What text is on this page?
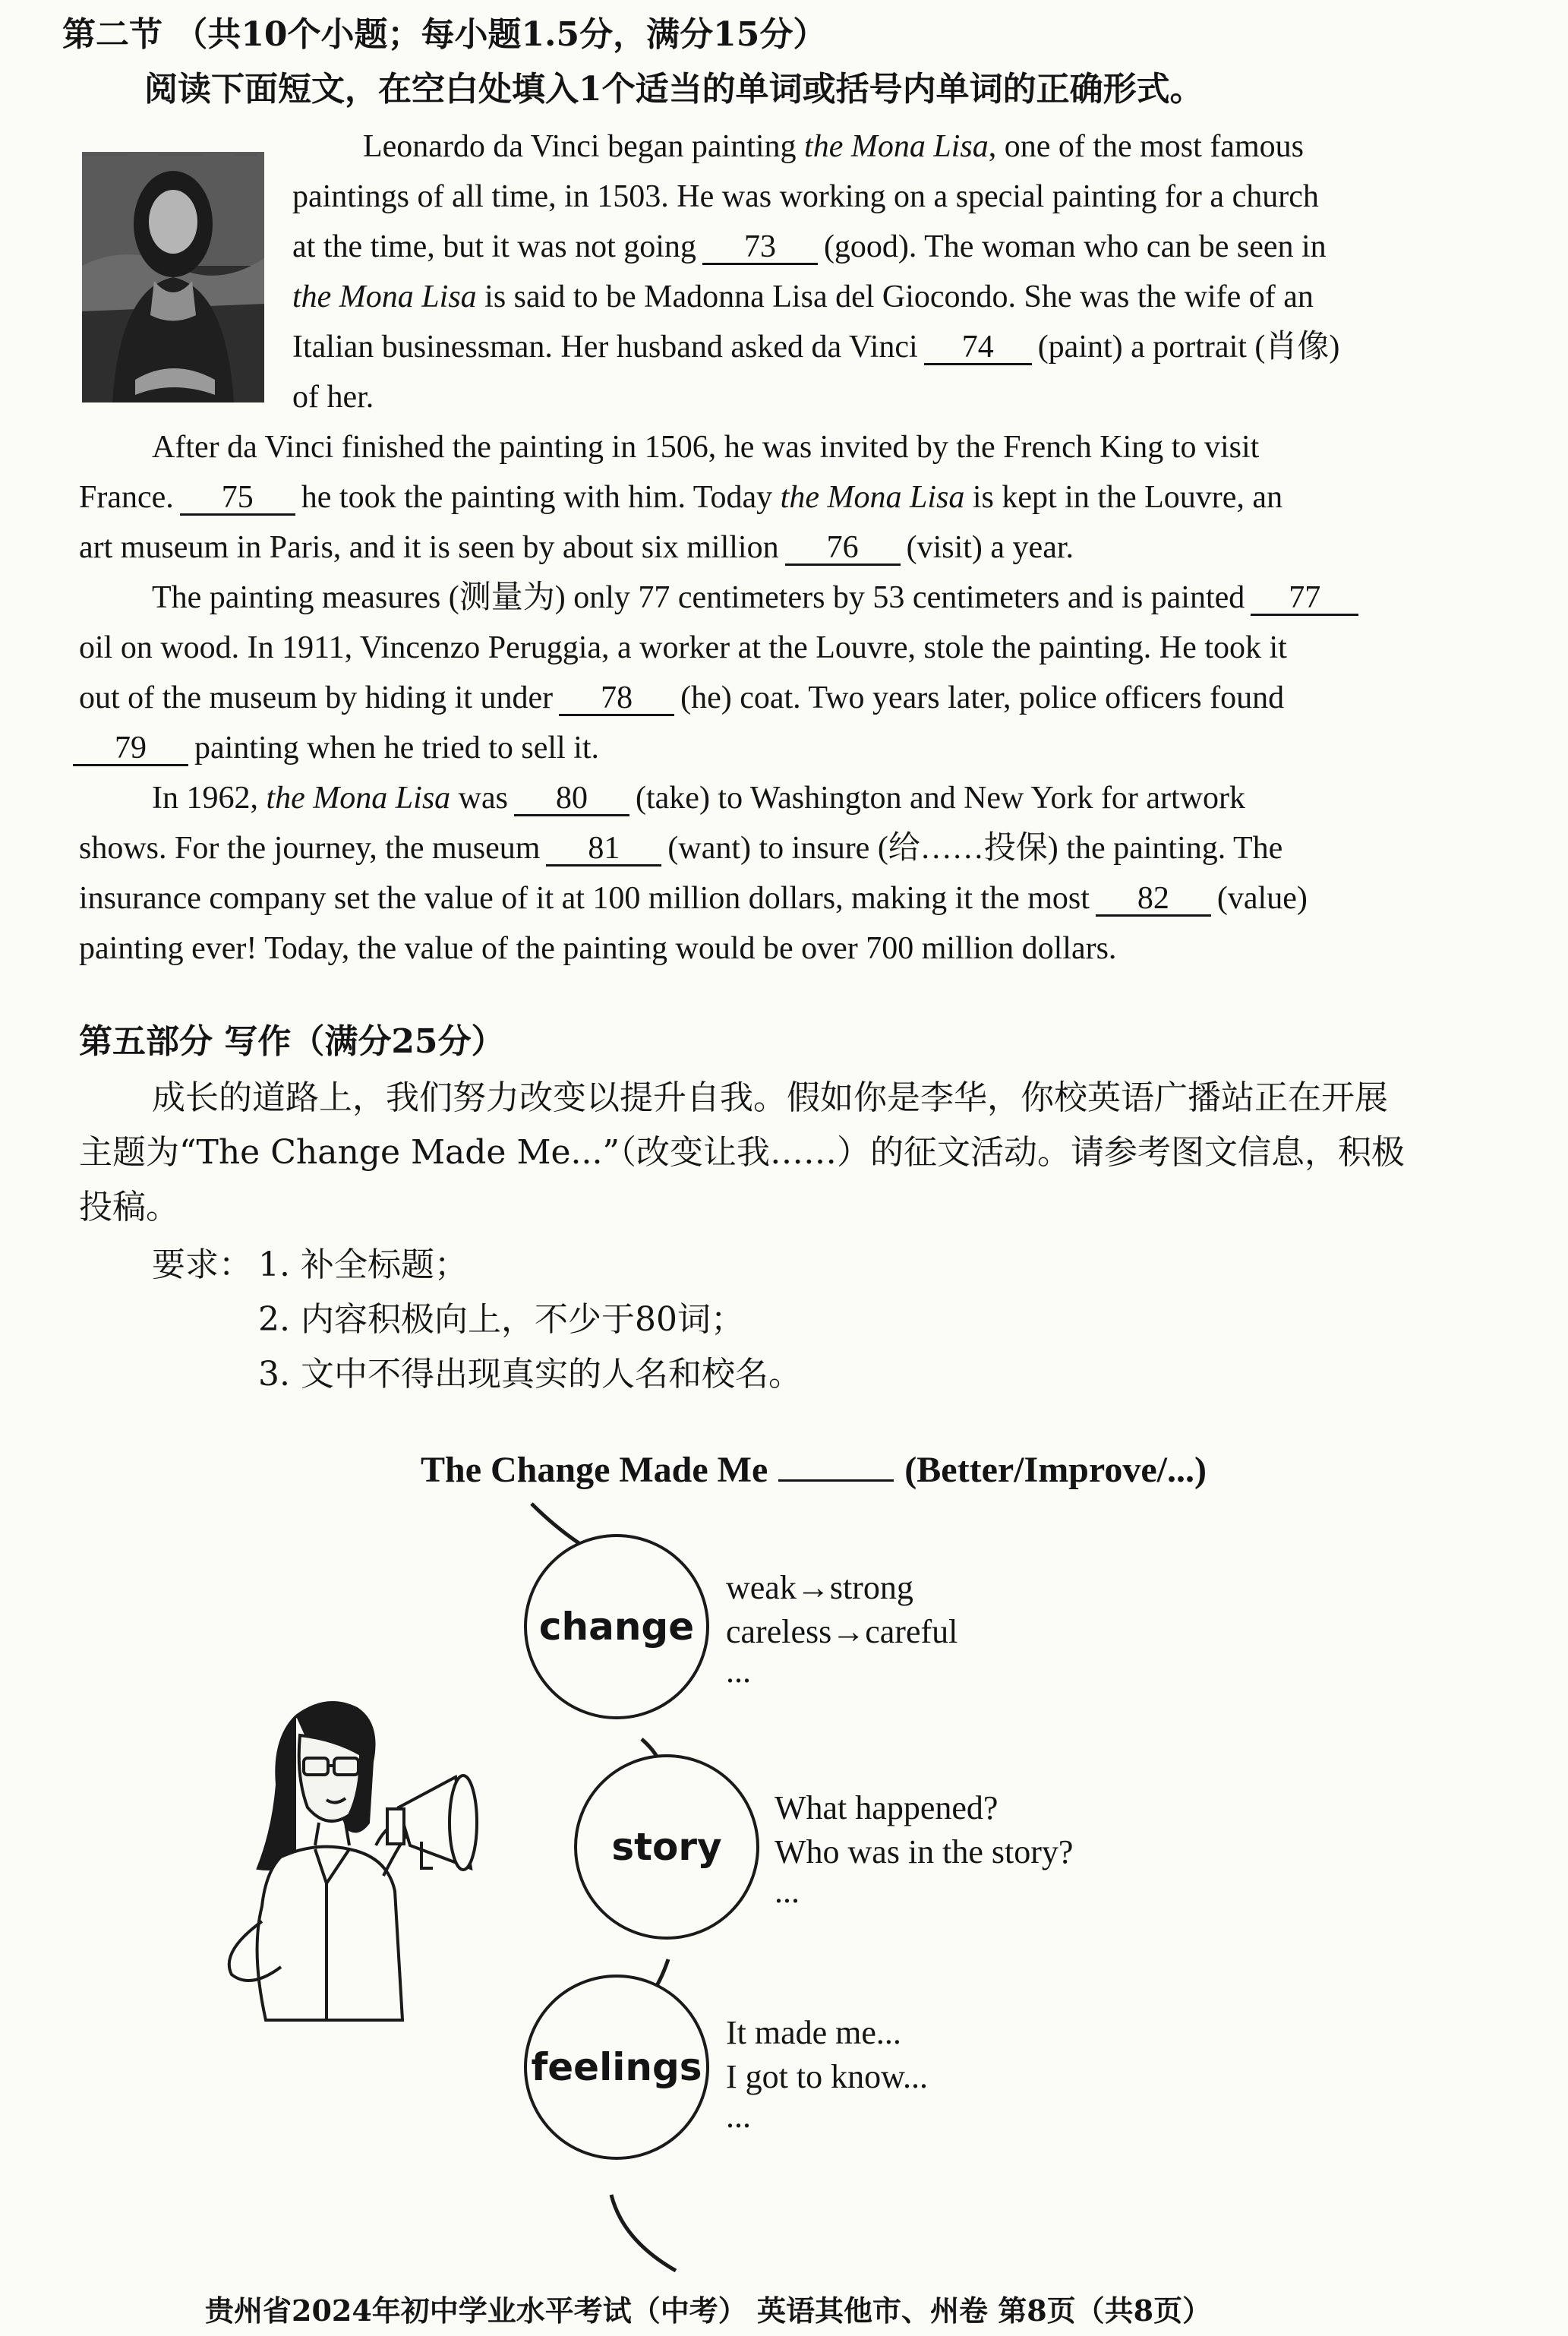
第二节 （共10个小题；每小题1.5分，满分15分）
阅读下面短文，在空白处填入1个适当的单词或括号内单词的正确形式。
Leonardo da Vinci began painting the Mona Lisa, one of the most famous
paintings of all time, in 1503. He was working on a special painting for a church
at the time, but it was not going 73 (good). The woman who can be seen in
the Mona Lisa is said to be Madonna Lisa del Giocondo. She was the wife of an
Italian businessman. Her husband asked da Vinci 74 (paint) a portrait (肖像)
of her.
After da Vinci finished the painting in 1506, he was invited by the French King to visit
France. 75 he took the painting with him. Today the Mona Lisa is kept in the Louvre, an
art museum in Paris, and it is seen by about six million 76 (visit) a year.
The painting measures (测量为) only 77 centimeters by 53 centimeters and is painted 77
oil on wood. In 1911, Vincenzo Peruggia, a worker at the Louvre, stole the painting. He took it
out of the museum by hiding it under 78 (he) coat. Two years later, police officers found
79 painting when he tried to sell it.
In 1962, the Mona Lisa was 80 (take) to Washington and New York for artwork
shows. For the journey, the museum 81 (want) to insure (给……投保) the painting. The
insurance company set the value of it at 100 million dollars, making it the most 82 (value)
painting ever! Today, the value of the painting would be over 700 million dollars.
第五部分 写作（满分25分）
成长的道路上，我们努力改变以提升自我。假如你是李华，你校英语广播站正在开展
主题为“The Change Made Me...”（改变让我……）的征文活动。请参考图文信息，积极
投稿。
要求： 1. 补全标题；
2. 内容积极向上，不少于80词；
3. 文中不得出现真实的人名和校名。
The Change Made Me	(Better/Improve/...)
change
story
feelings
weak→strong
careless→careful
...
What happened?
Who was in the story?
...
It made me...
I got to know...
...
贵州省2024年初中学业水平考试（中考） 英语其他市、州卷 第8页（共8页）
